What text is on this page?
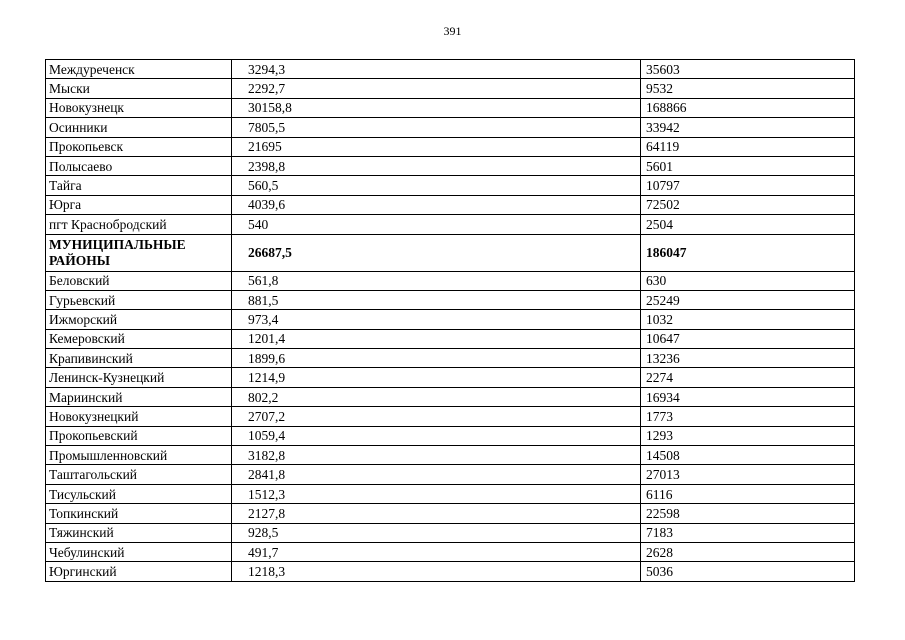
391
Междуреченск	3294,3	35603
Мыски	2292,7	9532
Новокузнецк	30158,8	168866
Осинники	7805,5	33942
Прокопьевск	21695	64119
Полысаево	2398,8	5601
Тайга	560,5	10797
Юрга	4039,6	72502
пгт Краснобродский	540	2504
МУНИЦИПАЛЬНЫЕ РАЙОНЫ	26687,5	186047
Беловский	561,8	630
Гурьевский	881,5	25249
Ижморский	973,4	1032
Кемеровский	1201,4	10647
Крапивинский	1899,6	13236
Ленинск-Кузнецкий	1214,9	2274
Мариинский	802,2	16934
Новокузнецкий	2707,2	1773
Прокопьевский	1059,4	1293
Промышленновский	3182,8	14508
Таштагольский	2841,8	27013
Тисульский	1512,3	6116
Топкинский	2127,8	22598
Тяжинский	928,5	7183
Чебулинский	491,7	2628
Юргинский	1218,3	5036
